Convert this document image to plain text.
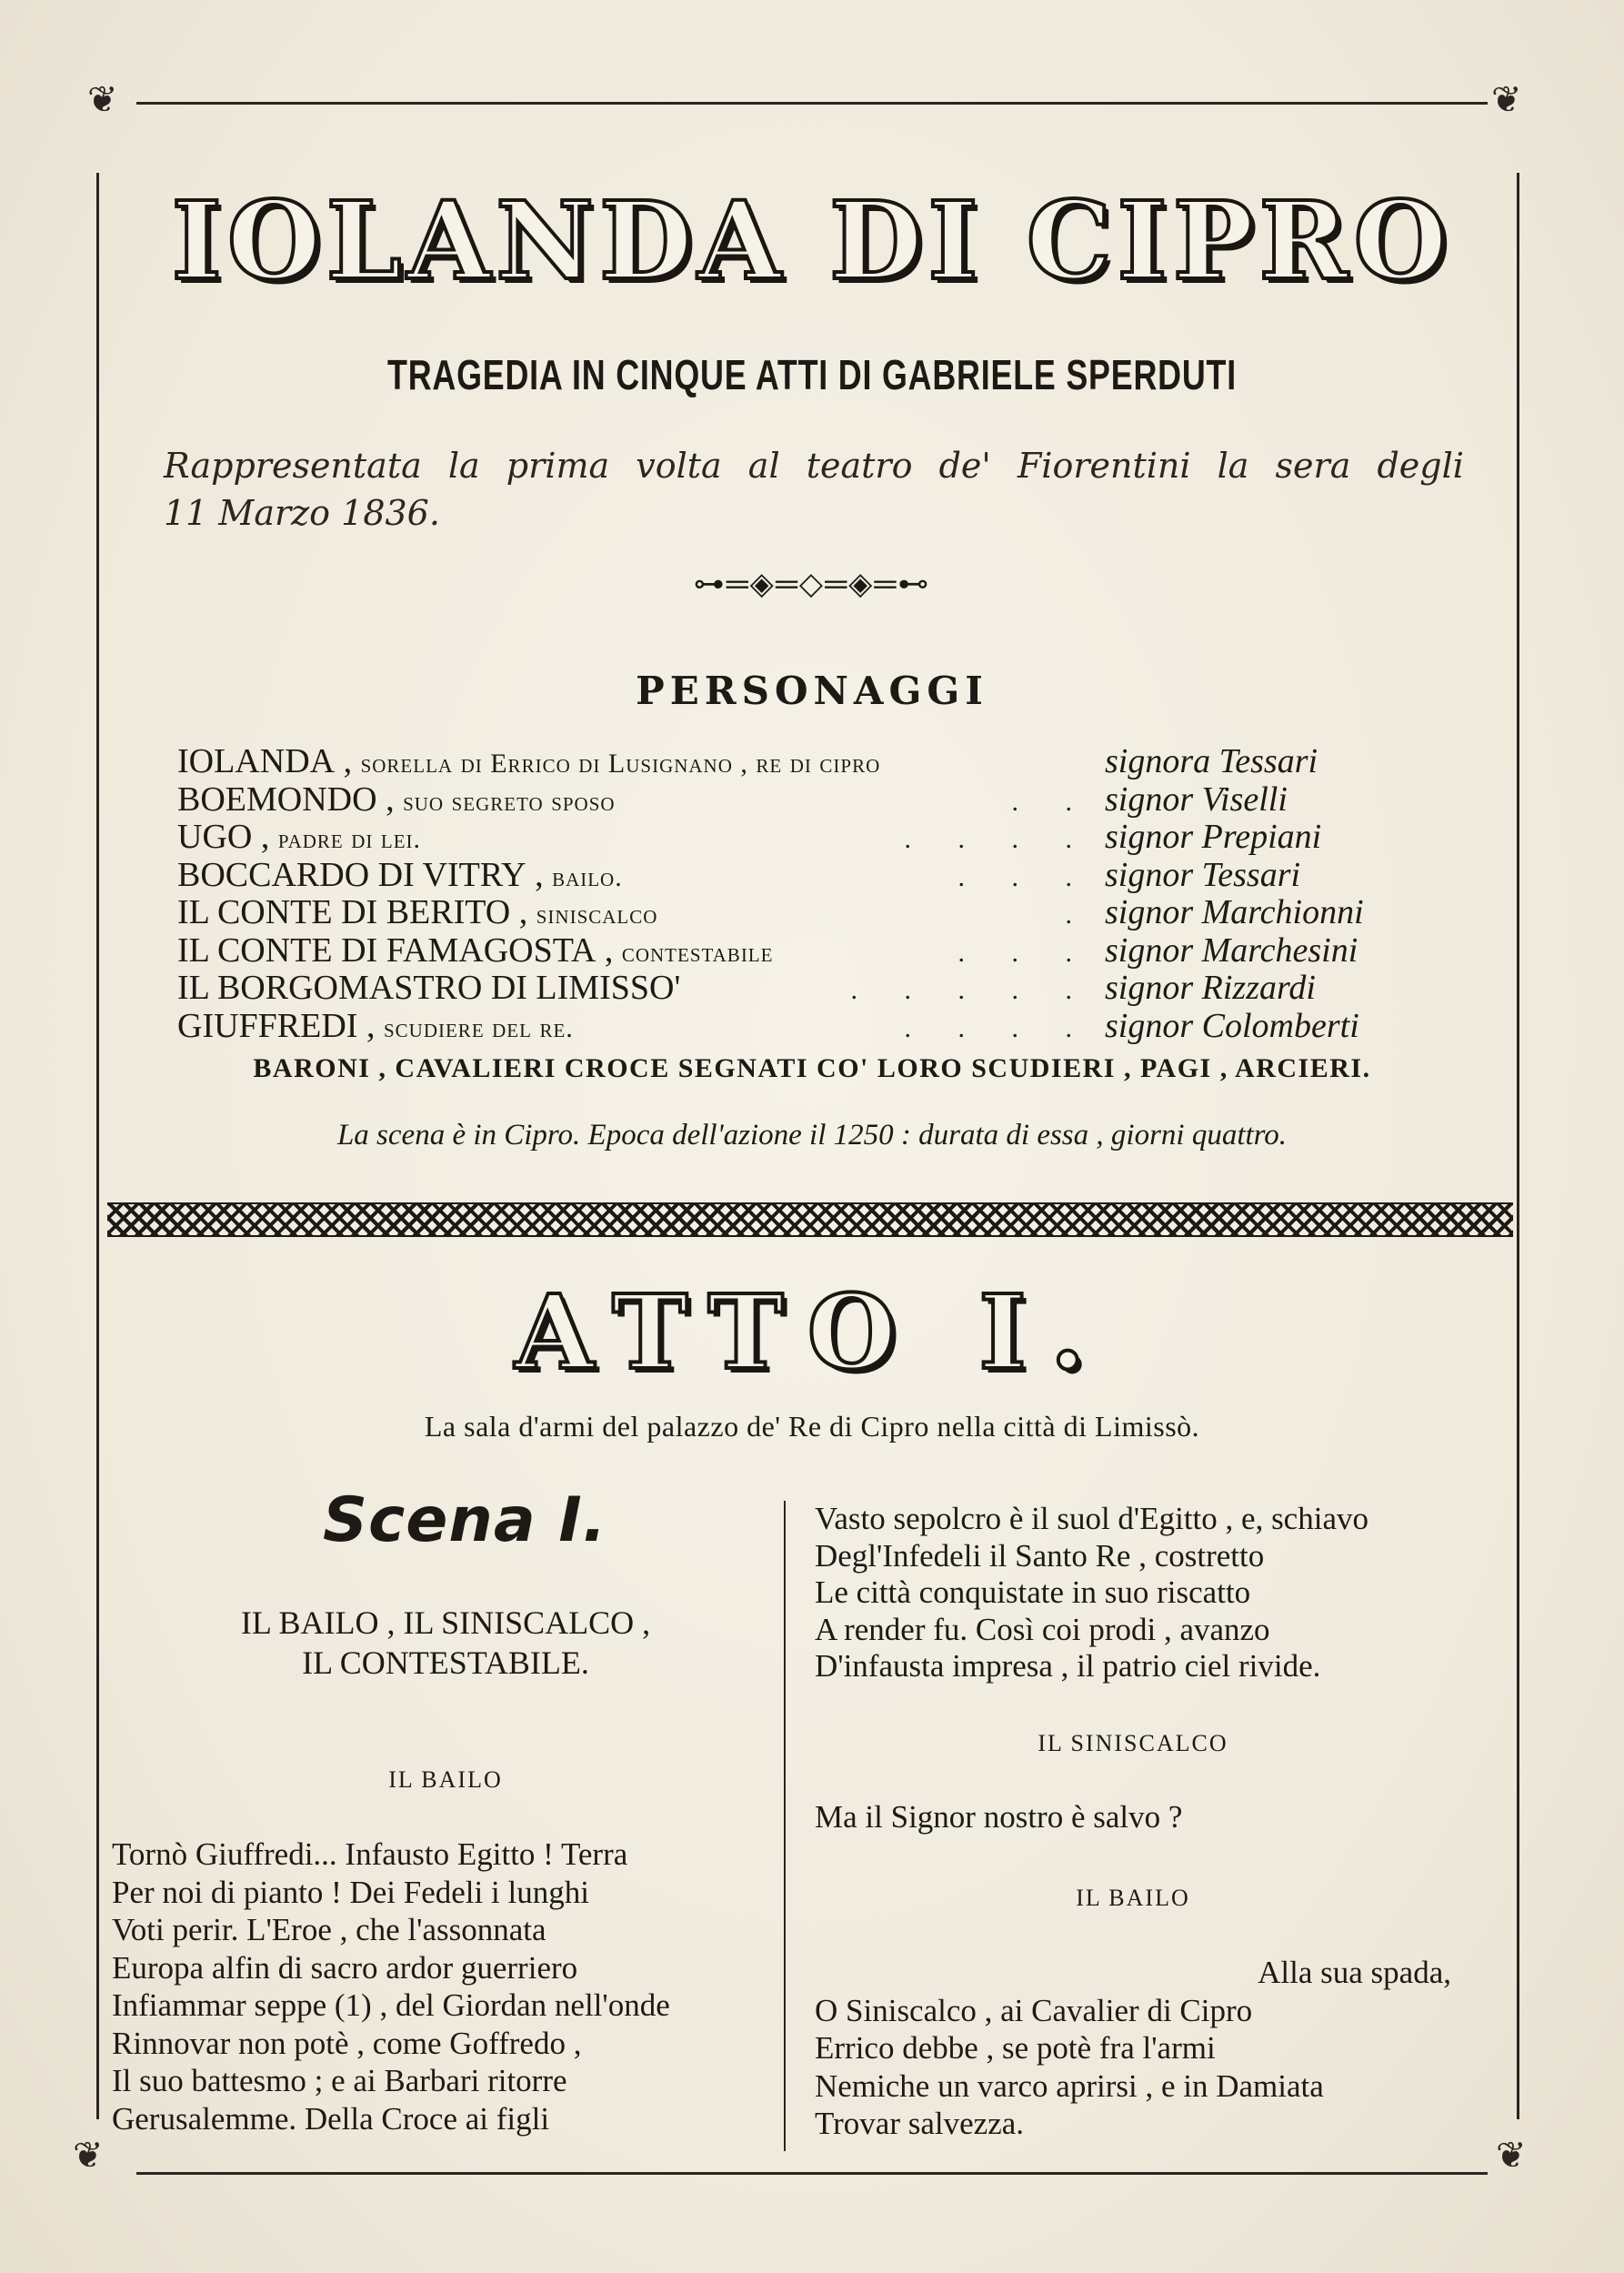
❦	❦
❦	❦
IOLANDA DI CIPRO
TRAGEDIA IN CINQUE ATTI DI GABRIELE SPERDUTI
Rappresentata la prima volta al teatro de' Fiorentini la sera degli
11 Marzo 1836.
⊶═◈═◇═◈═⊷
PERSONAGGI
IOLANDA , sorella di Errico di Lusignano , re di cipro	signora Tessari
BOEMONDO , suo segreto sposo	. . signor Viselli
UGO , padre di lei.	. . . . signor Prepiani
BOCCARDO DI VITRY , bailo.	. . . signor Tessari
IL CONTE DI BERITO , siniscalco	. signor Marchionni
IL CONTE DI FAMAGOSTA , contestabile	. . . signor Marchesini
IL BORGOMASTRO DI LIMISSO'	. . . . . signor Rizzardi
GIUFFREDI , scudiere del re.	. . . . signor Colomberti
BARONI , CAVALIERI CROCE SEGNATI CO' LORO SCUDIERI , PAGI , ARCIERI.
La scena è in Cipro. Epoca dell'azione il 1250 : durata di essa , giorni quattro.
ATTO I.
La sala d'armi del palazzo de' Re di Cipro nella città di Limissò.
Scena I.
IL BAILO , IL SINISCALCO ,
IL CONTESTABILE.
IL BAILO
Tornò Giuffredi... Infausto Egitto ! Terra
Per noi di pianto ! Dei Fedeli i lunghi
Voti perir. L'Eroe , che l'assonnata
Europa alfin di sacro ardor guerriero
Infiammar seppe (1) , del Giordan nell'onde
Rinnovar non potè , come Goffredo ,
Il suo battesmo ; e ai Barbari ritorre
Gerusalemme. Della Croce ai figli
Vasto sepolcro è il suol d'Egitto , e, schiavo
Degl'Infedeli il Santo Re , costretto
Le città conquistate in suo riscatto
A render fu. Così coi prodi , avanzo
D'infausta impresa , il patrio ciel rivide.
IL SINISCALCO
Ma il Signor nostro è salvo ?
IL BAILO
Alla sua spada,
O Siniscalco , ai Cavalier di Cipro
Errico debbe , se potè fra l'armi
Nemiche un varco aprirsi , e in Damiata
Trovar salvezza.
